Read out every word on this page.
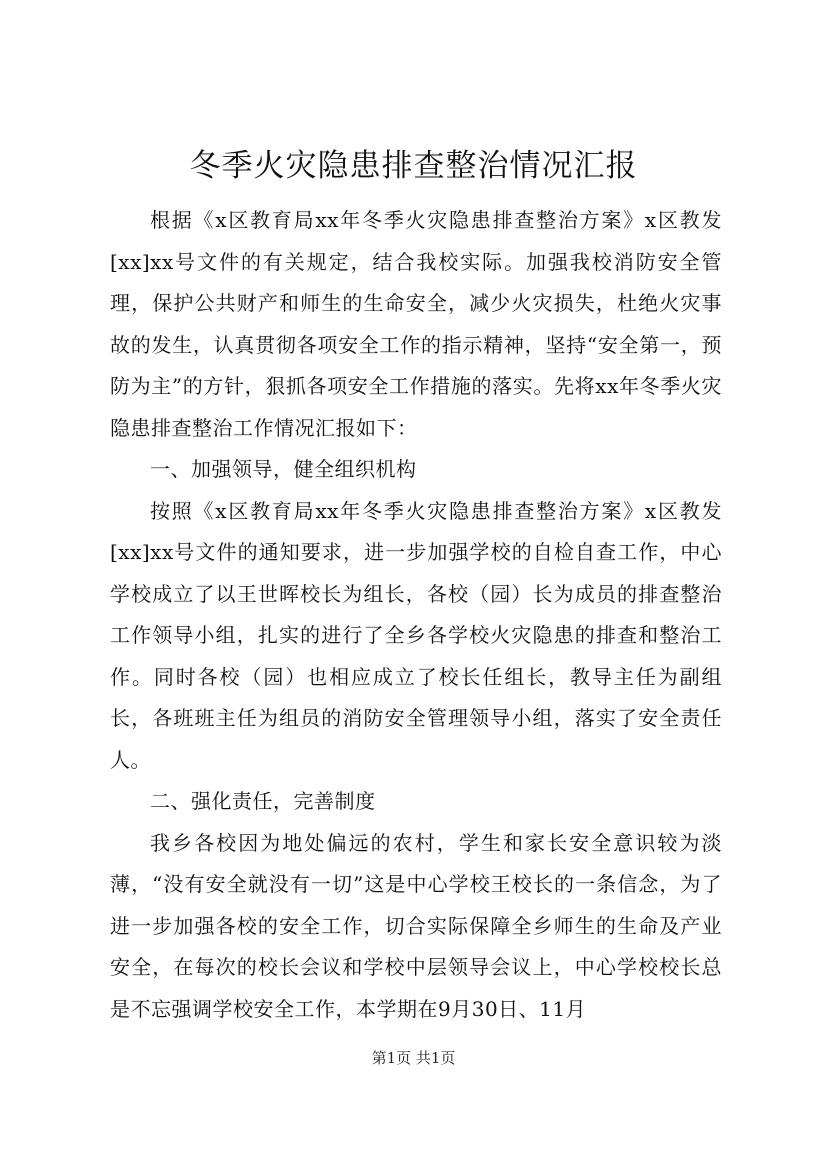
冬季火灾隐患排查整治情况汇报

根据《x区教育局xx年冬季火灾隐患排查整治方案》x区教发[xx]xx号文件的有关规定，结合我校实际。加强我校消防安全管理，保护公共财产和师生的生命安全，减少火灾损失，杜绝火灾事故的发生，认真贯彻各项安全工作的指示精神，坚持“安全第一，预防为主”的方针，狠抓各项安全工作措施的落实。先将xx年冬季火灾隐患排查整治工作情况汇报如下：

一、加强领导，健全组织机构

按照《x区教育局xx年冬季火灾隐患排查整治方案》x区教发[xx]xx号文件的通知要求，进一步加强学校的自检自查工作，中心学校成立了以王世晖校长为组长，各校（园）长为成员的排查整治工作领导小组，扎实的进行了全乡各学校火灾隐患的排查和整治工作。同时各校（园）也相应成立了校长任组长，教导主任为副组长，各班班主任为组员的消防安全管理领导小组，落实了安全责任人。

二、强化责任，完善制度

我乡各校因为地处偏远的农村，学生和家长安全意识较为淡薄，“没有安全就没有一切”这是中心学校王校长的一条信念，为了进一步加强各校的安全工作，切合实际保障全乡师生的生命及产业安全，在每次的校长会议和学校中层领导会议上，中心学校校长总是不忘强调学校安全工作，本学期在9月30日、11月

第1页 共1页
